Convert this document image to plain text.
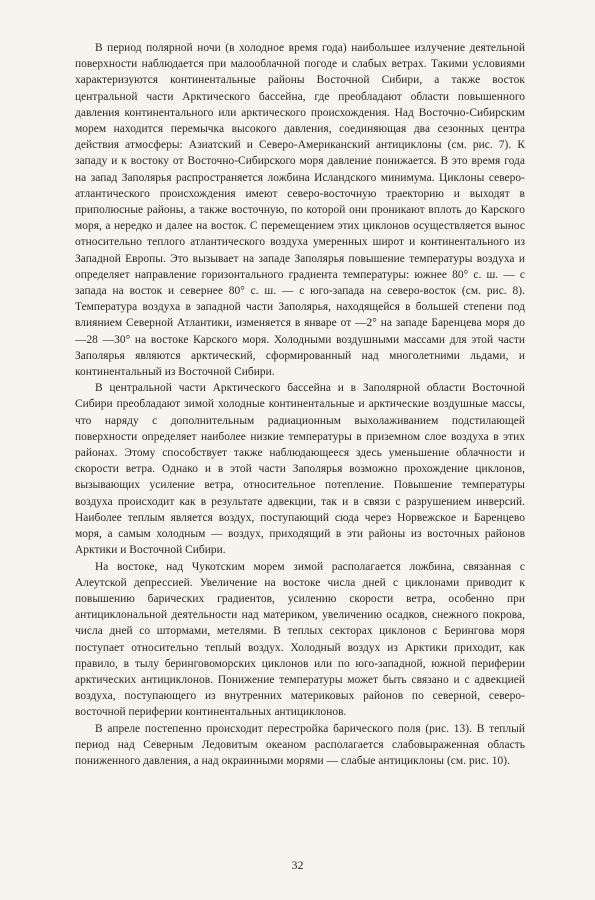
В период полярной ночи (в холодное время года) наибольшее излучение деятельной поверхности наблюдается при малооблачной погоде и слабых ветрах. Такими условиями характеризуются континентальные районы Восточной Сибири, а также восток центральной части Арктического бассейна, где преобладают области повышенного давления континентального или арктического происхождения. Над Восточно-Сибирским морем находится перемычка высокого давления, соединяющая два сезонных центра действия атмосферы: Азиатский и Северо-Американский антициклоны (см. рис. 7). К западу и к востоку от Восточно-Сибирского моря давление понижается. В это время года на запад Заполярья распространяется ложбина Исландского минимума. Циклоны северо-атлантического происхождения имеют северо-восточную траекторию и выходят в приполюсные районы, а также восточную, по которой они проникают вплоть до Карского моря, а нередко и далее на восток. С перемещением этих циклонов осуществляется вынос относительно теплого атлантического воздуха умеренных широт и континентального из Западной Европы. Это вызывает на западе Заполярья повышение температуры воздуха и определяет направление горизонтального градиента температуры: южнее 80° с. ш. — с запада на восток и севернее 80° с. ш. — с юго-запада на северо-восток (см. рис. 8). Температура воздуха в западной части Заполярья, находящейся в большей степени под влиянием Северной Атлантики, изменяется в январе от —2° на западе Баренцева моря до —28 —30° на востоке Карского моря. Холодными воздушными массами для этой части Заполярья являются арктический, сформированный над многолетними льдами, и континентальный из Восточной Сибири.

В центральной части Арктического бассейна и в Заполярной области Восточной Сибири преобладают зимой холодные континентальные и арктические воздушные массы, что наряду с дополнительным радиационным выхолаживанием подстилающей поверхности определяет наиболее низкие температуры в приземном слое воздуха в этих районах. Этому способствует также наблюдающееся здесь уменьшение облачности и скорости ветра. Однако и в этой части Заполярья возможно прохождение циклонов, вызывающих усиление ветра, относительное потепление. Повышение температуры воздуха происходит как в результате адвекции, так и в связи с разрушением инверсий. Наиболее теплым является воздух, поступающий сюда через Норвежское и Баренцево моря, а самым холодным — воздух, приходящий в эти районы из восточных районов Арктики и Восточной Сибири.

На востоке, над Чукотским морем зимой располагается ложбина, связанная с Алеутской депрессией. Увеличение на востоке числа дней с циклонами приводит к повышению барических градиентов, усилению скорости ветра, особенно при антициклональной деятельности над материком, увеличению осадков, снежного покрова, числа дней со штормами, метелями. В теплых секторах циклонов с Берингова моря поступает относительно теплый воздух. Холодный воздух из Арктики приходит, как правило, в тылу беринговоморских циклонов или по юго-западной, южной периферии арктических антициклонов. Понижение температуры может быть связано и с адвекцией воздуха, поступающего из внутренних материковых районов по северной, северо-восточной периферии континентальных антициклонов.

В апреле постепенно происходит перестройка барического поля (рис. 13). В теплый период над Северным Ледовитым океаном располагается слабовыраженная область пониженного давления, а над окраинными морями — слабые антициклоны (см. рис. 10).

32
